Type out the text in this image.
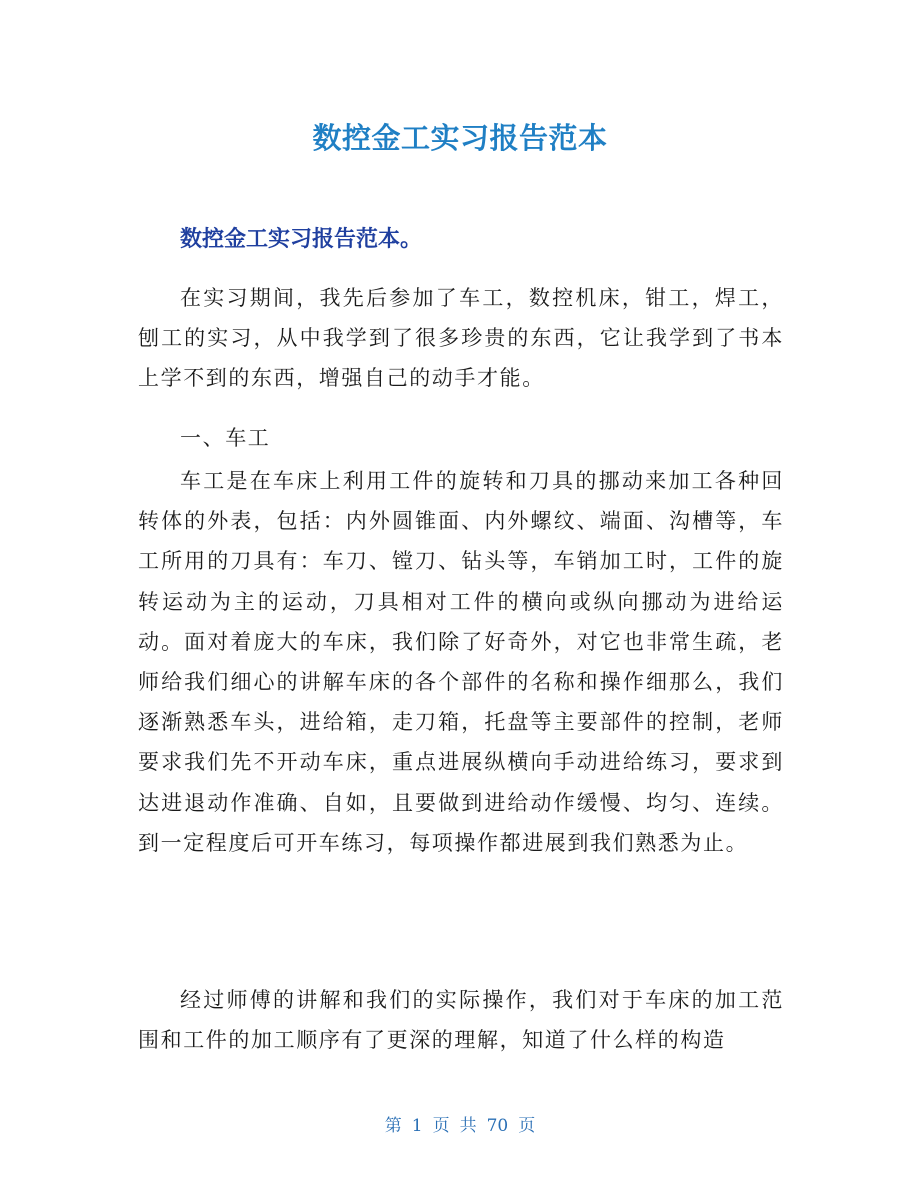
数控金工实习报告范本

数控金工实习报告范本。

在实习期间，我先后参加了车工，数控机床，钳工，焊工，刨工的实习，从中我学到了很多珍贵的东西，它让我学到了书本上学不到的东西，增强自己的动手才能。

一、车工

车工是在车床上利用工件的旋转和刀具的挪动来加工各种回转体的外表，包括：内外圆锥面、内外螺纹、端面、沟槽等，车工所用的刀具有：车刀、镗刀、钻头等，车销加工时，工件的旋转运动为主的运动，刀具相对工件的横向或纵向挪动为进给运动。面对着庞大的车床，我们除了好奇外，对它也非常生疏，老师给我们细心的讲解车床的各个部件的名称和操作细那么，我们逐渐熟悉车头，进给箱，走刀箱，托盘等主要部件的控制，老师要求我们先不开动车床，重点进展纵横向手动进给练习，要求到达进退动作准确、自如，且要做到进给动作缓慢、均匀、连续。到一定程度后可开车练习，每项操作都进展到我们熟悉为止。

经过师傅的讲解和我们的实际操作，我们对于车床的加工范围和工件的加工顺序有了更深的理解，知道了什么样的构造

第 1 页 共 70 页
